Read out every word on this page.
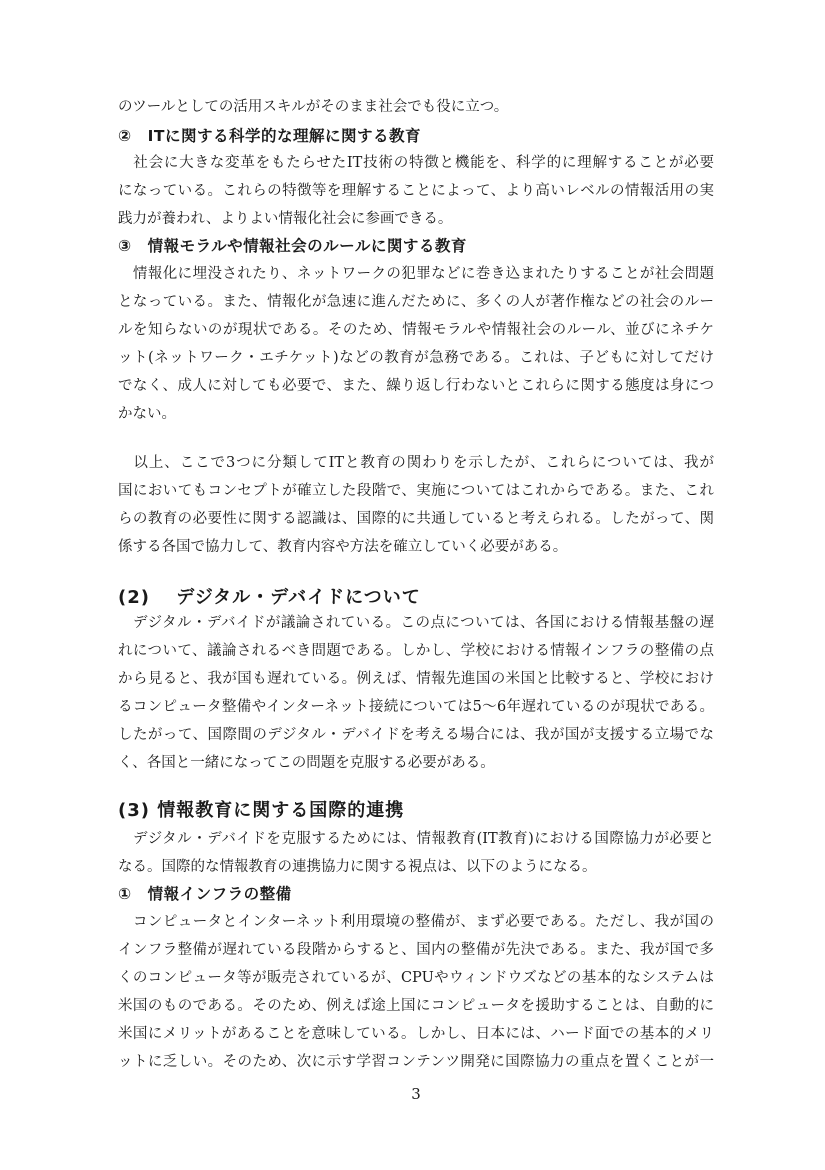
のツールとしての活用スキルがそのまま社会でも役に立つ。
②　ITに関する科学的な理解に関する教育
　社会に大きな変革をもたらせたIT技術の特徴と機能を、科学的に理解することが必要
になっている。これらの特徴等を理解することによって、より高いレベルの情報活用の実
践力が養われ、よりよい情報化社会に参画できる。
③　情報モラルや情報社会のルールに関する教育
　情報化に埋没されたり、ネットワークの犯罪などに巻き込まれたりすることが社会問題
となっている。また、情報化が急速に進んだために、多くの人が著作権などの社会のルー
ルを知らないのが現状である。そのため、情報モラルや情報社会のルール、並びにネチケ
ット(ネットワーク・エチケット)などの教育が急務である。これは、子どもに対してだけ
でなく、成人に対しても必要で、また、繰り返し行わないとこれらに関する態度は身につ
かない。
　以上、ここで3つに分類してITと教育の関わりを示したが、これらについては、我が
国においてもコンセプトが確立した段階で、実施についてはこれからである。また、これ
らの教育の必要性に関する認識は、国際的に共通していると考えられる。したがって、関
係する各国で協力して、教育内容や方法を確立していく必要がある。
(2)　 デジタル・デバイドについて
　デジタル・デバイドが議論されている。この点については、各国における情報基盤の遅
れについて、議論されるべき問題である。しかし、学校における情報インフラの整備の点
から見ると、我が国も遅れている。例えば、情報先進国の米国と比較すると、学校におけ
るコンピュータ整備やインターネット接続については5〜6年遅れているのが現状である。
したがって、国際間のデジタル・デバイドを考える場合には、我が国が支援する立場でな
く、各国と一緒になってこの問題を克服する必要がある。
(3) 情報教育に関する国際的連携
　デジタル・デバイドを克服するためには、情報教育(IT教育)における国際協力が必要と
なる。国際的な情報教育の連携協力に関する視点は、以下のようになる。
①　情報インフラの整備
　コンピュータとインターネット利用環境の整備が、まず必要である。ただし、我が国の
インフラ整備が遅れている段階からすると、国内の整備が先決である。また、我が国で多
くのコンピュータ等が販売されているが、CPUやウィンドウズなどの基本的なシステムは
米国のものである。そのため、例えば途上国にコンピュータを援助することは、自動的に
米国にメリットがあることを意味している。しかし、日本には、ハード面での基本的メリ
ットに乏しい。そのため、次に示す学習コンテンツ開発に国際協力の重点を置くことが一
3
